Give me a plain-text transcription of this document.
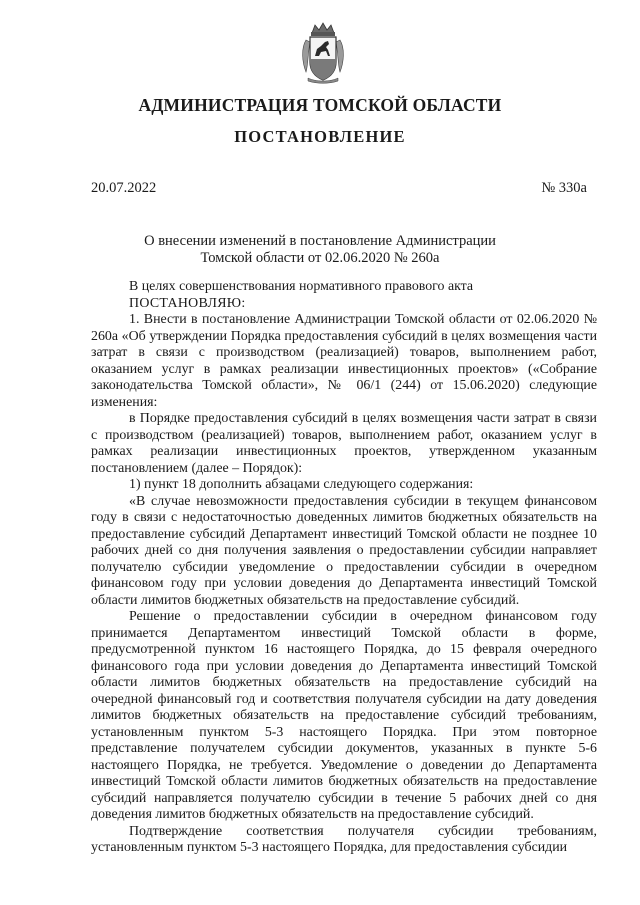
АДМИНИСТРАЦИЯ ТОМСКОЙ ОБЛАСТИ
ПОСТАНОВЛЕНИЕ
20.07.2022	№ 330а
О внесении изменений в постановление Администрации
Томской области от 02.06.2020 № 260а

В целях совершенствования нормативного правового акта

ПОСТАНОВЛЯЮ:

1. Внести в постановление Администрации Томской области от 02.06.2020 № 260а «Об утверждении Порядка предоставления субсидий в целях возмещения части затрат в связи с производством (реализацией) товаров, выполнением работ, оказанием услуг в рамках реализации инвестиционных проектов» («Собрание законодательства Томской области», № 06/1 (244) от 15.06.2020) следующие изменения:

в Порядке предоставления субсидий в целях возмещения части затрат в связи с производством (реализацией) товаров, выполнением работ, оказанием услуг в рамках реализации инвестиционных проектов, утвержденном указанным постановлением (далее – Порядок):

1) пункт 18 дополнить абзацами следующего содержания:

«В случае невозможности предоставления субсидии в текущем финансовом году в связи с недостаточностью доведенных лимитов бюджетных обязательств на предоставление субсидий Департамент инвестиций Томской области не позднее 10 рабочих дней со дня получения заявления о предоставлении субсидии направляет получателю субсидии уведомление о предоставлении субсидии в очередном финансовом году при условии доведения до Департамента инвестиций Томской области лимитов бюджетных обязательств на предоставление субсидий.

Решение о предоставлении субсидии в очередном финансовом году принимается Департаментом инвестиций Томской области в форме, предусмотренной пунктом 16 настоящего Порядка, до 15 февраля очередного финансового года при условии доведения до Департамента инвестиций Томской области лимитов бюджетных обязательств на предоставление субсидий на очередной финансовый год и соответствия получателя субсидии на дату доведения лимитов бюджетных обязательств на предоставление субсидий требованиям, установленным пунктом 5-3 настоящего Порядка. При этом повторное представление получателем субсидии документов, указанных в пункте 5-6 настоящего Порядка, не требуется. Уведомление о доведении до Департамента инвестиций Томской области лимитов бюджетных обязательств на предоставление субсидий направляется получателю субсидии в течение 5 рабочих дней со дня доведения лимитов бюджетных обязательств на предоставление субсидий.

Подтверждение соответствия получателя субсидии требованиям, установленным пунктом 5-3 настоящего Порядка, для предоставления субсидии
